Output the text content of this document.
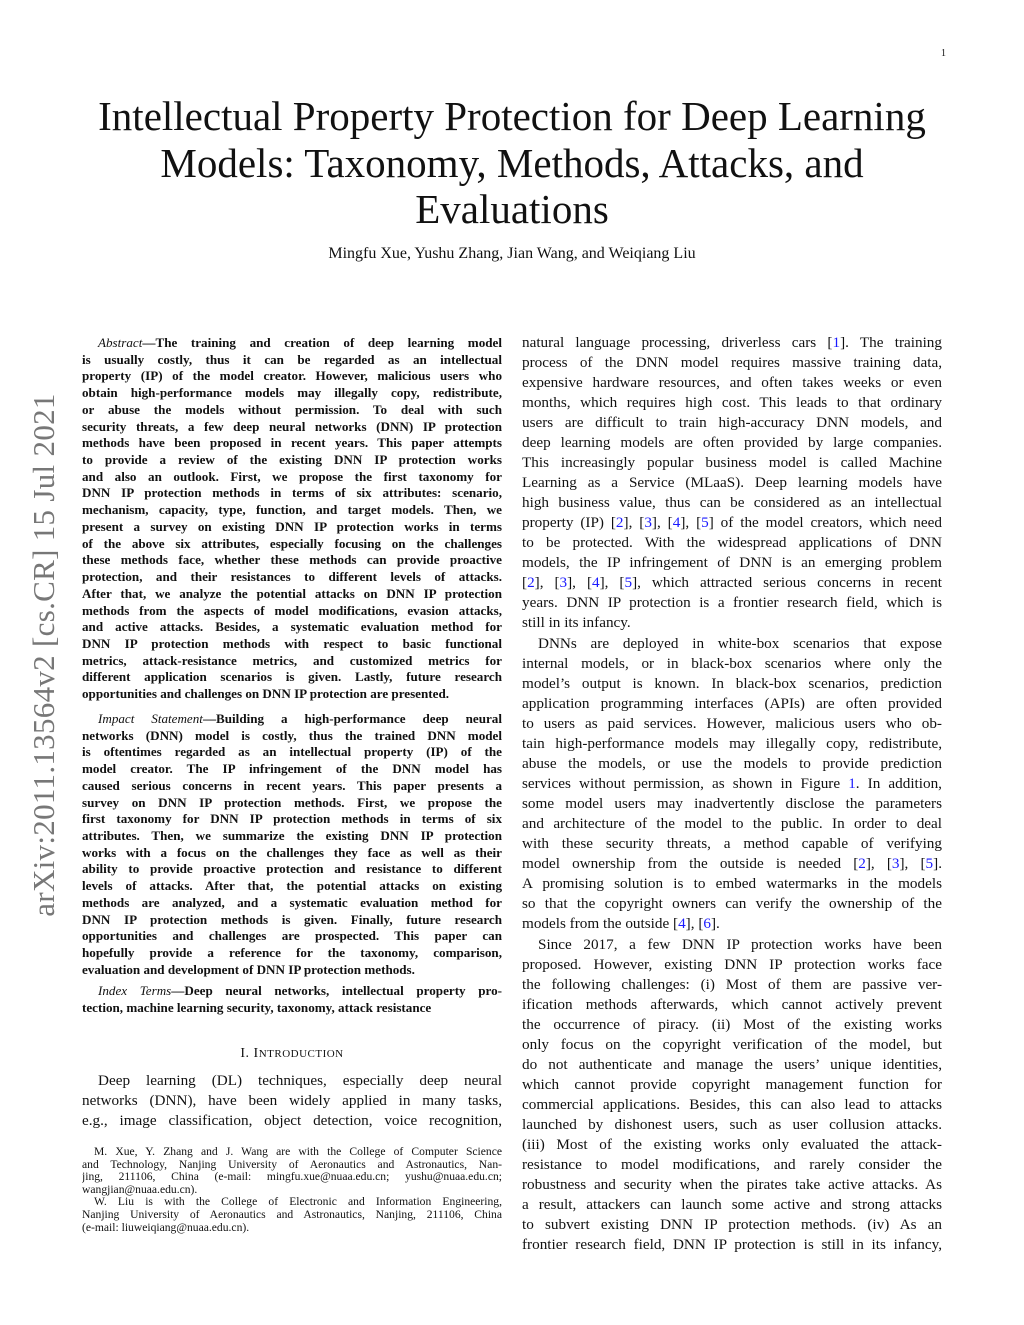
1
arXiv:2011.13564v2 [cs.CR] 15 Jul 2021
Intellectual Property Protection for Deep Learning
Models: Taxonomy, Methods, Attacks, and
Evaluations
Mingfu Xue, Yushu Zhang, Jian Wang, and Weiqiang Liu
Abstract—The training and creation of deep learning model
is usually costly, thus it can be regarded as an intellectual
property (IP) of the model creator. However, malicious users who
obtain high-performance models may illegally copy, redistribute,
or abuse the models without permission. To deal with such
security threats, a few deep neural networks (DNN) IP protection
methods have been proposed in recent years. This paper attempts
to provide a review of the existing DNN IP protection works
and also an outlook. First, we propose the first taxonomy for
DNN IP protection methods in terms of six attributes: scenario,
mechanism, capacity, type, function, and target models. Then, we
present a survey on existing DNN IP protection works in terms
of the above six attributes, especially focusing on the challenges
these methods face, whether these methods can provide proactive
protection, and their resistances to different levels of attacks.
After that, we analyze the potential attacks on DNN IP protection
methods from the aspects of model modifications, evasion attacks,
and active attacks. Besides, a systematic evaluation method for
DNN IP protection methods with respect to basic functional
metrics, attack-resistance metrics, and customized metrics for
different application scenarios is given. Lastly, future research
opportunities and challenges on DNN IP protection are presented.
Impact Statement—Building a high-performance deep neural
networks (DNN) model is costly, thus the trained DNN model
is oftentimes regarded as an intellectual property (IP) of the
model creator. The IP infringement of the DNN model has
caused serious concerns in recent years. This paper presents a
survey on DNN IP protection methods. First, we propose the
first taxonomy for DNN IP protection methods in terms of six
attributes. Then, we summarize the existing DNN IP protection
works with a focus on the challenges they face as well as their
ability to provide proactive protection and resistance to different
levels of attacks. After that, the potential attacks on existing
methods are analyzed, and a systematic evaluation method for
DNN IP protection methods is given. Finally, future research
opportunities and challenges are prospected. This paper can
hopefully provide a reference for the taxonomy, comparison,
evaluation and development of DNN IP protection methods.
Index Terms—Deep neural networks, intellectual property pro-
tection, machine learning security, taxonomy, attack resistance
I. INTRODUCTION
Deep learning (DL) techniques, especially deep neural
networks (DNN), have been widely applied in many tasks,
e.g., image classification, object detection, voice recognition,
M. Xue, Y. Zhang and J. Wang are with the College of Computer Science
and Technology, Nanjing University of Aeronautics and Astronautics, Nan-
jing, 211106, China (e-mail: mingfu.xue@nuaa.edu.cn; yushu@nuaa.edu.cn;
wangjian@nuaa.edu.cn).
W. Liu is with the College of Electronic and Information Engineering,
Nanjing University of Aeronautics and Astronautics, Nanjing, 211106, China
(e-mail: liuweiqiang@nuaa.edu.cn).
natural language processing, driverless cars [1]. The training
process of the DNN model requires massive training data,
expensive hardware resources, and often takes weeks or even
months, which requires high cost. This leads to that ordinary
users are difficult to train high-accuracy DNN models, and
deep learning models are often provided by large companies.
This increasingly popular business model is called Machine
Learning as a Service (MLaaS). Deep learning models have
high business value, thus can be considered as an intellectual
property (IP) [2], [3], [4], [5] of the model creators, which need
to be protected. With the widespread applications of DNN
models, the IP infringement of DNN is an emerging problem
[2], [3], [4], [5], which attracted serious concerns in recent
years. DNN IP protection is a frontier research field, which is
still in its infancy.
DNNs are deployed in white-box scenarios that expose
internal models, or in black-box scenarios where only the
model’s output is known. In black-box scenarios, prediction
application programming interfaces (APIs) are often provided
to users as paid services. However, malicious users who ob-
tain high-performance models may illegally copy, redistribute,
abuse the models, or use the models to provide prediction
services without permission, as shown in Figure 1. In addition,
some model users may inadvertently disclose the parameters
and architecture of the model to the public. In order to deal
with these security threats, a method capable of verifying
model ownership from the outside is needed [2], [3], [5].
A promising solution is to embed watermarks in the models
so that the copyright owners can verify the ownership of the
models from the outside [4], [6].
Since 2017, a few DNN IP protection works have been
proposed. However, existing DNN IP protection works face
the following challenges: (i) Most of them are passive ver-
ification methods afterwards, which cannot actively prevent
the occurrence of piracy. (ii) Most of the existing works
only focus on the copyright verification of the model, but
do not authenticate and manage the users’ unique identities,
which cannot provide copyright management function for
commercial applications. Besides, this can also lead to attacks
launched by dishonest users, such as user collusion attacks.
(iii) Most of the existing works only evaluated the attack-
resistance to model modifications, and rarely consider the
robustness and security when the pirates take active attacks. As
a result, attackers can launch some active and strong attacks
to subvert existing DNN IP protection methods. (iv) As an
frontier research field, DNN IP protection is still in its infancy,
